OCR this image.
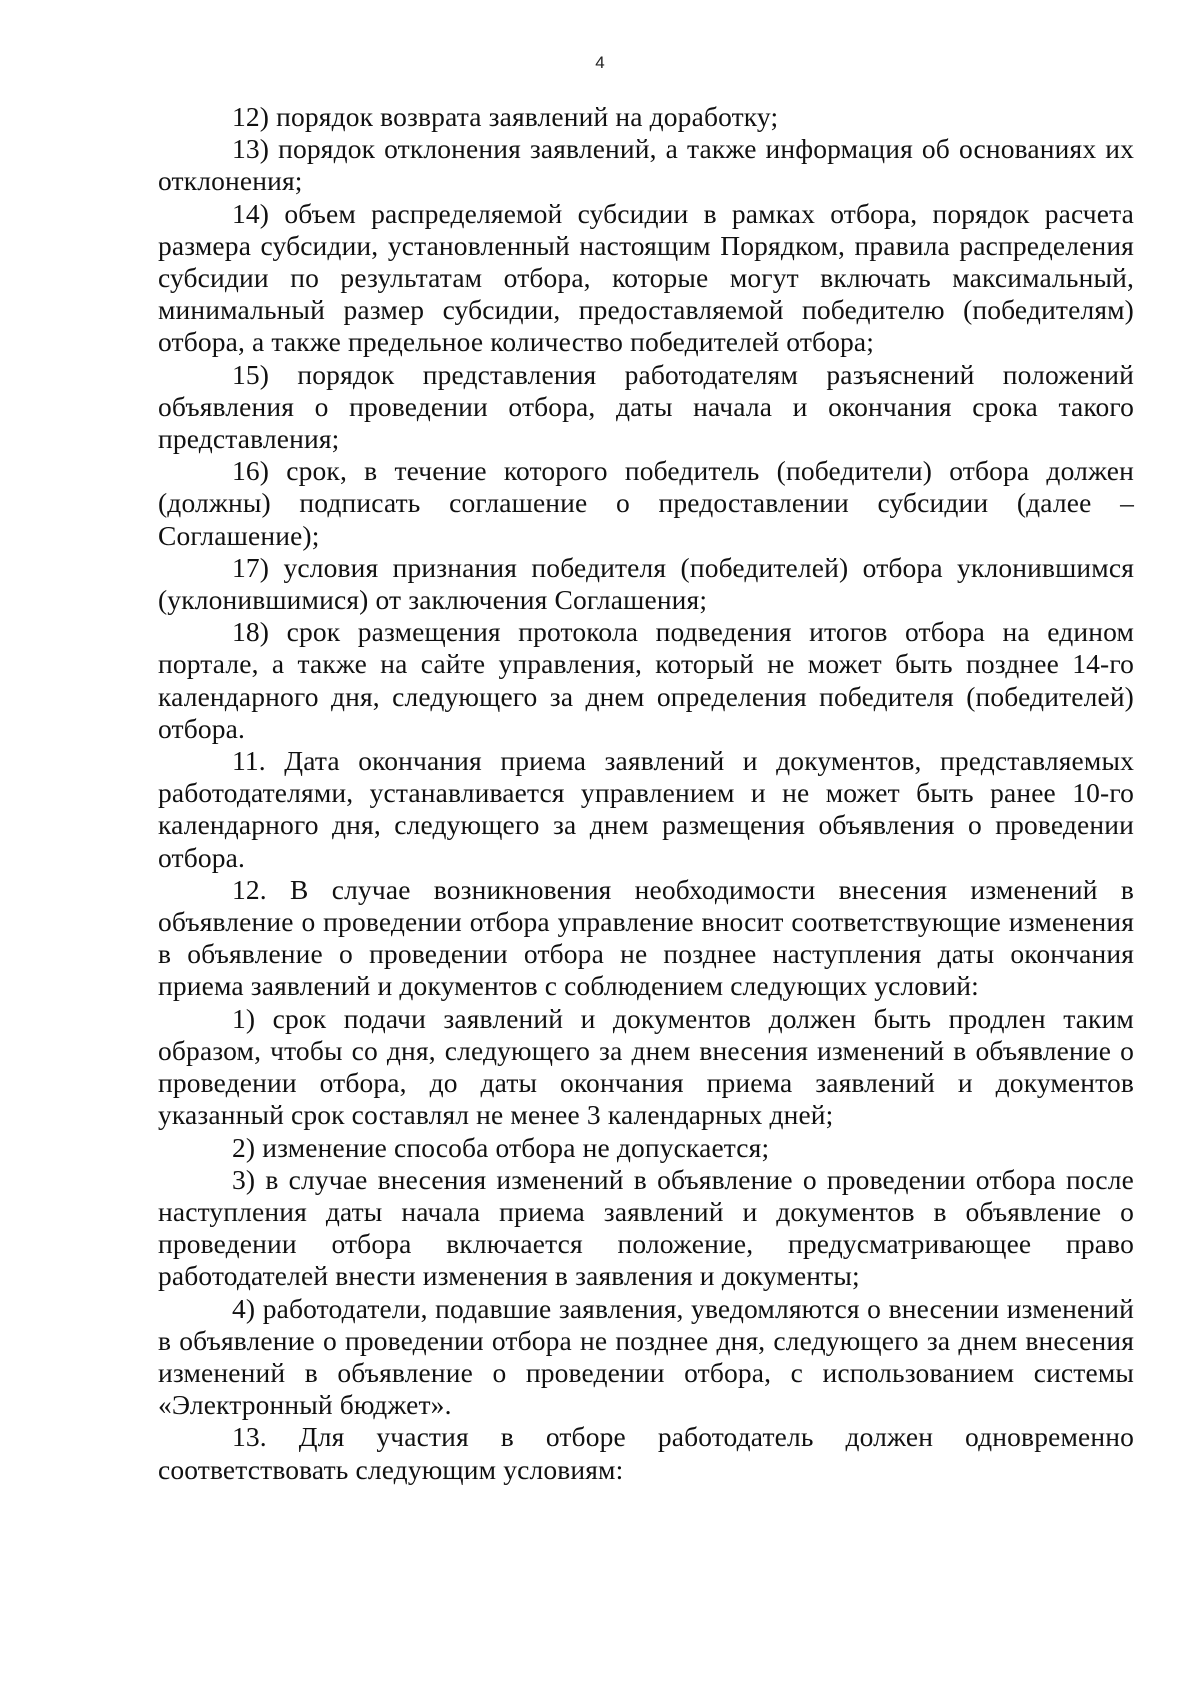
4

12) порядок возврата заявлений на доработку;

13) порядок отклонения заявлений, а также информация об основаниях их отклонения;

14) объем распределяемой субсидии в рамках отбора, порядок расчета размера субсидии, установленный настоящим Порядком, правила распределения субсидии по результатам отбора, которые могут включать максимальный, минимальный размер субсидии, предоставляемой победителю (победителям) отбора, а также предельное количество победителей отбора;

15) порядок представления работодателям разъяснений положений объявления о проведении отбора, даты начала и окончания срока такого представления;

16) срок, в течение которого победитель (победители) отбора должен (должны) подписать соглашение о предоставлении субсидии (далее – Соглашение);

17) условия признания победителя (победителей) отбора уклонившимся (уклонившимися) от заключения Соглашения;

18) срок размещения протокола подведения итогов отбора на едином портале, а также на сайте управления, который не может быть позднее 14-го календарного дня, следующего за днем определения победителя (победителей) отбора.

11. Дата окончания приема заявлений и документов, представляемых работодателями, устанавливается управлением и не может быть ранее 10-го календарного дня, следующего за днем размещения объявления о проведении отбора.

12. В случае возникновения необходимости внесения изменений в объявление о проведении отбора управление вносит соответствующие изменения в объявление о проведении отбора не позднее наступления даты окончания приема заявлений и документов с соблюдением следующих условий:

1) срок подачи заявлений и документов должен быть продлен таким образом, чтобы со дня, следующего за днем внесения изменений в объявление о проведении отбора, до даты окончания приема заявлений и документов указанный срок составлял не менее 3 календарных дней;

2) изменение способа отбора не допускается;

3) в случае внесения изменений в объявление о проведении отбора после наступления даты начала приема заявлений и документов в объявление о проведении отбора включается положение, предусматривающее право работодателей внести изменения в заявления и документы;

4) работодатели, подавшие заявления, уведомляются о внесении изменений в объявление о проведении отбора не позднее дня, следующего за днем внесения изменений в объявление о проведении отбора, с использованием системы «Электронный бюджет».

13. Для участия в отборе работодатель должен одновременно соответствовать следующим условиям:
